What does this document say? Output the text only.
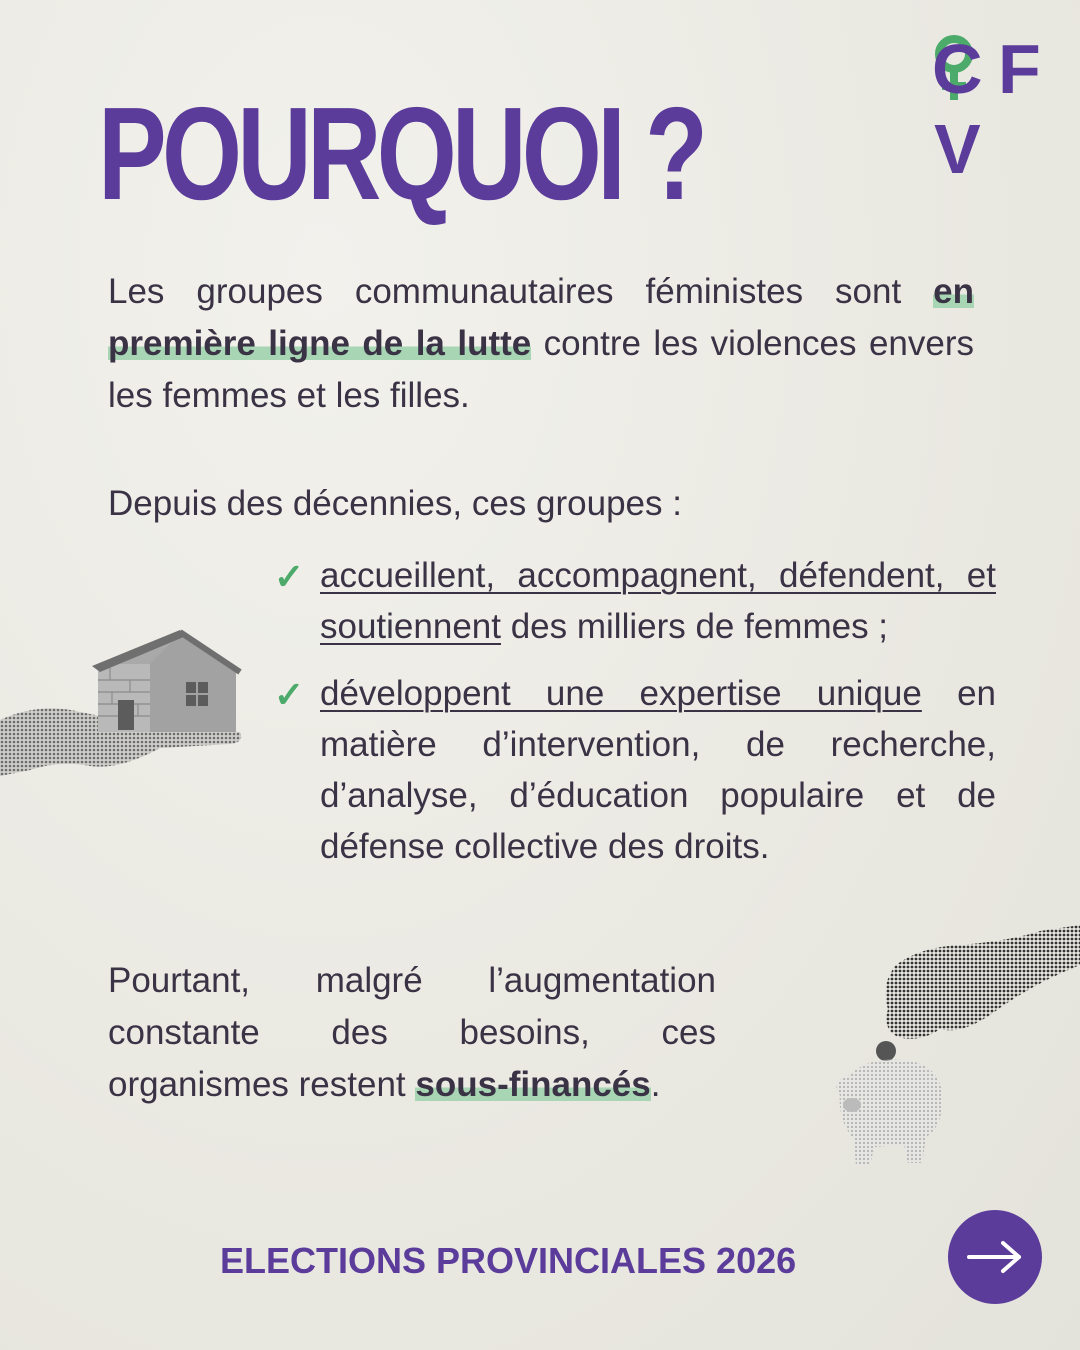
POURQUOI ?
C F
V

Les groupes communautaires féministes sont en première ligne de la lutte contre les violences envers les femmes et les filles.

Depuis des décennies, ces groupes :

✓ accueillent, accompagnent, défendent, et soutiennent des milliers de femmes ;

✓ développent une expertise unique en matière d’intervention, de recherche, d’analyse, d’éducation populaire et de défense collective des droits.

Pourtant, malgré l’augmentation constante des besoins, ces organismes restent sous-financés.

ELECTIONS PROVINCIALES 2026
